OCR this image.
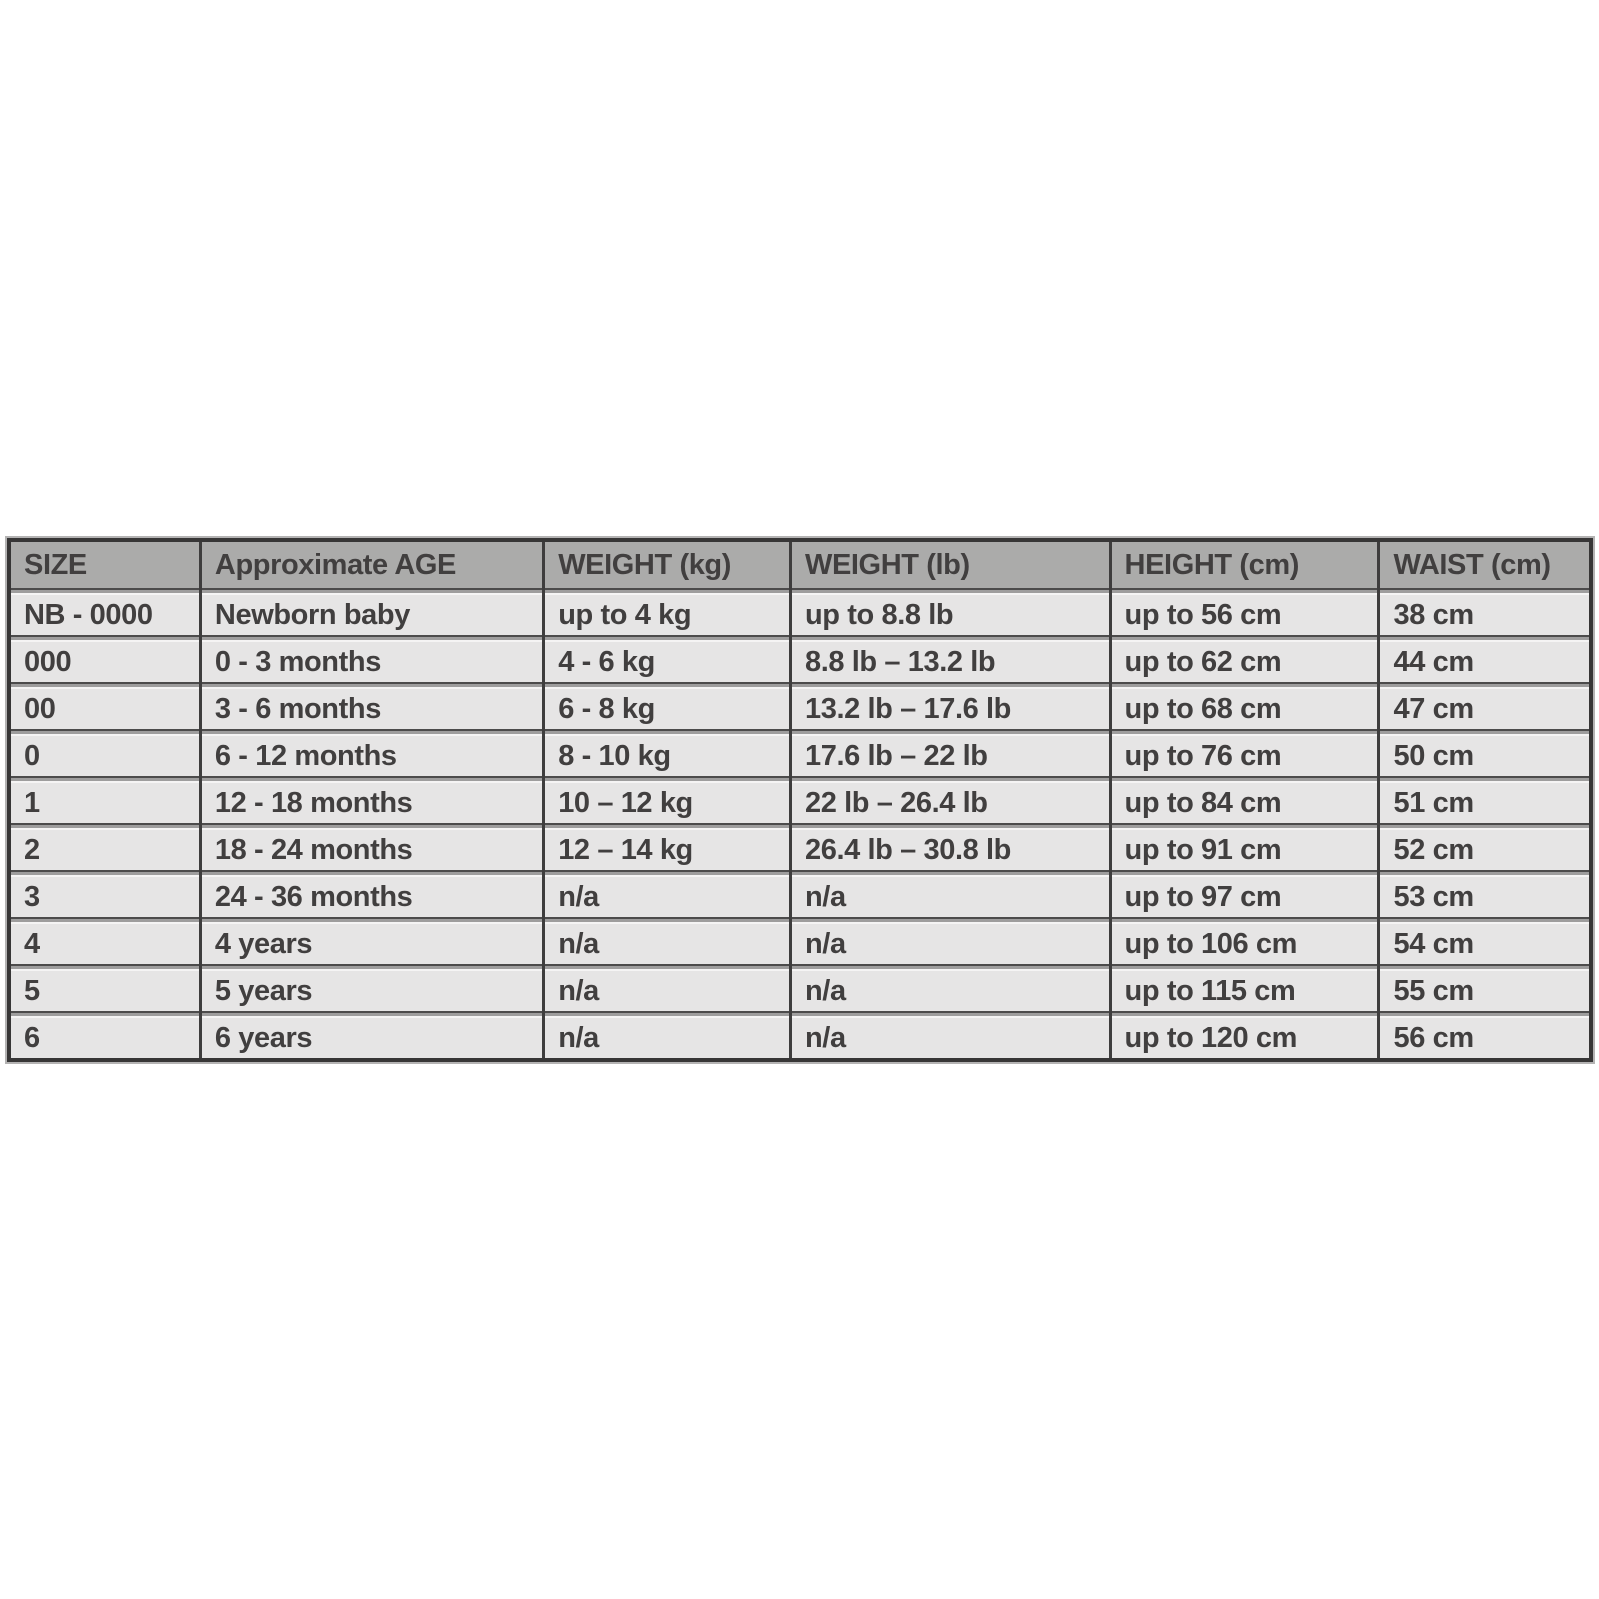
SIZE	Approximate AGE	WEIGHT (kg)	WEIGHT (lb)	HEIGHT (cm)	WAIST (cm)

NB - 0000	Newborn baby	up to 4 kg	up to 8.8 lb	up to 56 cm	38 cm

000	0 - 3 months	4 - 6 kg	8.8 lb – 13.2 lb	up to 62 cm	44 cm

00	3 - 6 months	6 - 8 kg	13.2 lb – 17.6 lb	up to 68 cm	47 cm

0	6 - 12 months	8 - 10 kg	17.6 lb – 22 lb	up to 76 cm	50 cm

1	12 - 18 months	10 – 12 kg	22 lb – 26.4 lb	up to 84 cm	51 cm

2	18 - 24 months	12 – 14 kg	26.4 lb – 30.8 lb	up to 91 cm	52 cm

3	24 - 36 months	n/a	n/a	up to 97 cm	53 cm

4	4 years	n/a	n/a	up to 106 cm	54 cm

5	5 years	n/a	n/a	up to 115 cm	55 cm

6	6 years	n/a	n/a	up to 120 cm	56 cm
